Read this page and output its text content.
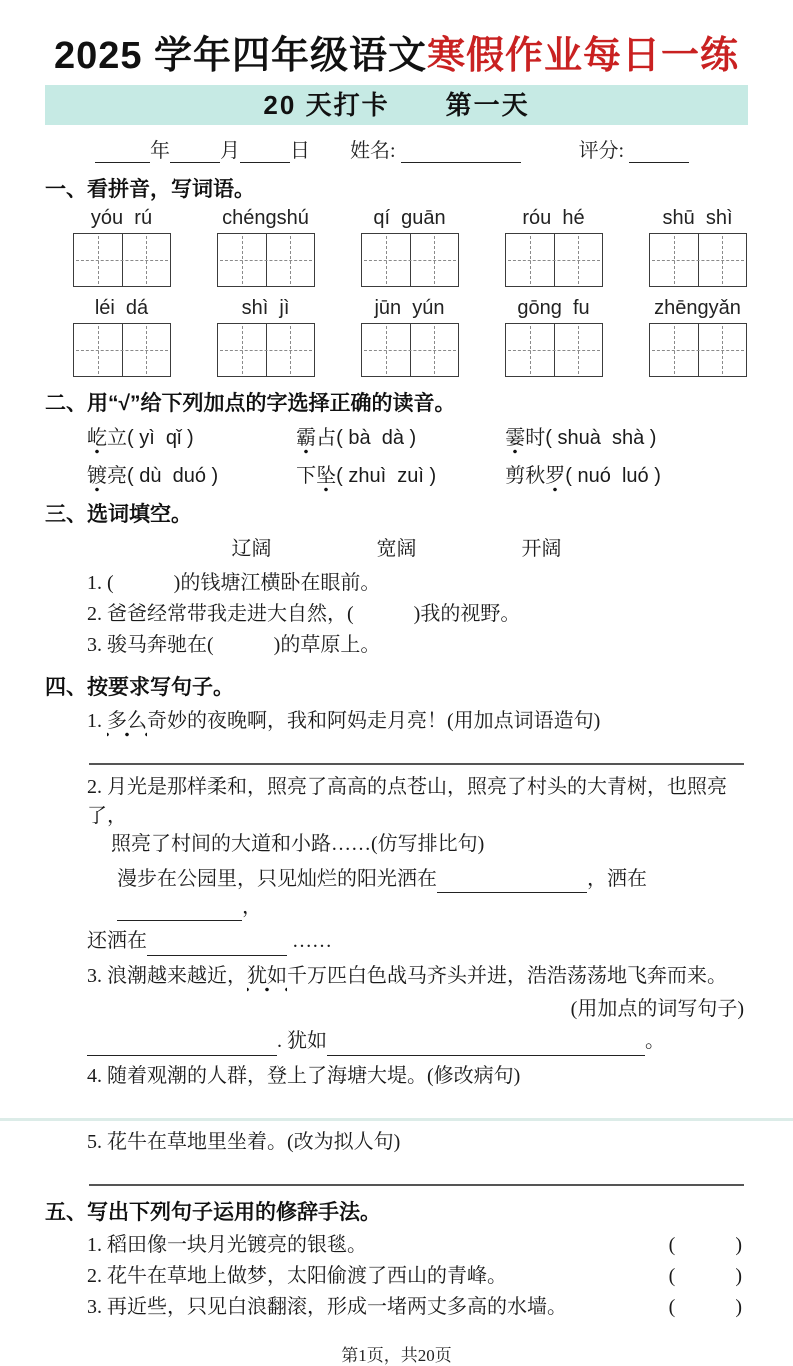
2025 学年四年级语文寒假作业每日一练
20 天打卡　　第一天
年	月	日 姓名:	评分:
一、看拼音，写词语。
yóu  rú	chéngshú	qí  guān	róu  hé	shū  shì
léi  dá	shì  jì	jūn  yún	gōng  fu	zhēngyǎn
二、用“√”给下列加点的字选择正确的读音。
屹立( yì  qǐ )	霸占( bà  dà )	霎时( shuà  shà )
镀亮( dù  duó )	下坠( zhuì  zuì )	剪秋罗( nuó  luó )
三、选词填空。
辽阔	宽阔	开阔
1. (　　　)的钱塘江横卧在眼前。
2. 爸爸经常带我走进大自然，(　　　)我的视野。
3. 骏马奔驰在(　　　)的草原上。
四、按要求写句子。
1. 多么奇妙的夜晚啊，我和阿妈走月亮！(用加点词语造句)
2. 月光是那样柔和，照亮了高高的点苍山，照亮了村头的大青树，也照亮了，
照亮了村间的大道和小路……(仿写排比句)
漫步在公园里，只见灿烂的阳光洒在	，洒在，
还洒在	……
3. 浪潮越来越近，犹如千万匹白色战马齐头并进，浩浩荡荡地飞奔而来。
(用加点的词写句子)
. 犹如	。
4. 随着观潮的人群，登上了海塘大堤。(修改病句)
5. 花牛在草地里坐着。(改为拟人句)
五、写出下列句子运用的修辞手法。
1. 稻田像一块月光镀亮的银毯。	(　　　)
2. 花牛在草地上做梦，太阳偷渡了西山的青峰。	(　　　)
3. 再近些，只见白浪翻滚，形成一堵两丈多高的水墙。	(　　　)
第1页，共20页
